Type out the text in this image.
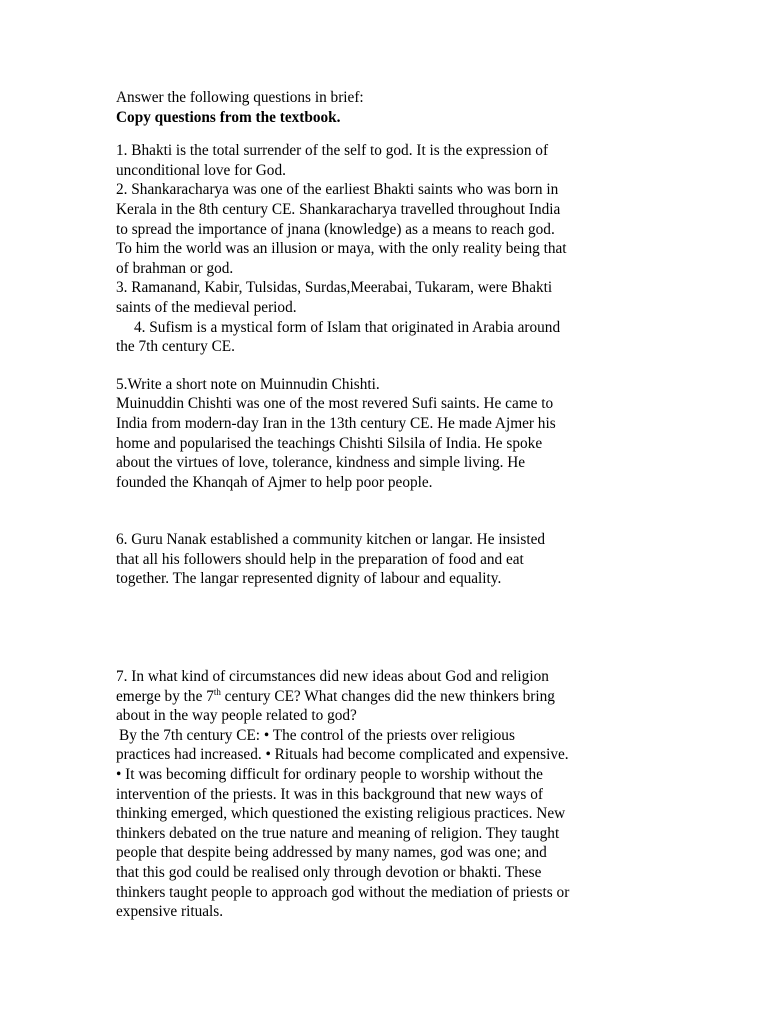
Answer the following questions in brief:
Copy questions from the textbook.
1. Bhakti is the total surrender of the self to god. It is the expression of
unconditional love for God.
2. Shankaracharya was one of the earliest Bhakti saints who was born in
Kerala in the 8th century CE. Shankaracharya travelled throughout India
to spread the importance of jnana (knowledge) as a means to reach god.
To him the world was an illusion or maya, with the only reality being that
of brahman or god.
3. Ramanand, Kabir, Tulsidas, Surdas,Meerabai, Tukaram, were Bhakti
saints of the medieval period.
4. Sufism is a mystical form of Islam that originated in Arabia around
the 7th century CE.
5.Write a short note on Muinnudin Chishti.
Muinuddin Chishti was one of the most revered Sufi saints. He came to
India from modern-day Iran in the 13th century CE. He made Ajmer his
home and popularised the teachings Chishti Silsila of India. He spoke
about the virtues of love, tolerance, kindness and simple living. He
founded the Khanqah of Ajmer to help poor people.
6. Guru Nanak established a community kitchen or langar. He insisted
that all his followers should help in the preparation of food and eat
together. The langar represented dignity of labour and equality.
7. In what kind of circumstances did new ideas about God and religion
emerge by the 7th century CE? What changes did the new thinkers bring
about in the way people related to god?
By the 7th century CE: • The control of the priests over religious
practices had increased. • Rituals had become complicated and expensive.
• It was becoming difficult for ordinary people to worship without the
intervention of the priests. It was in this background that new ways of
thinking emerged, which questioned the existing religious practices. New
thinkers debated on the true nature and meaning of religion. They taught
people that despite being addressed by many names, god was one; and
that this god could be realised only through devotion or bhakti. These
thinkers taught people to approach god without the mediation of priests or
expensive rituals.
